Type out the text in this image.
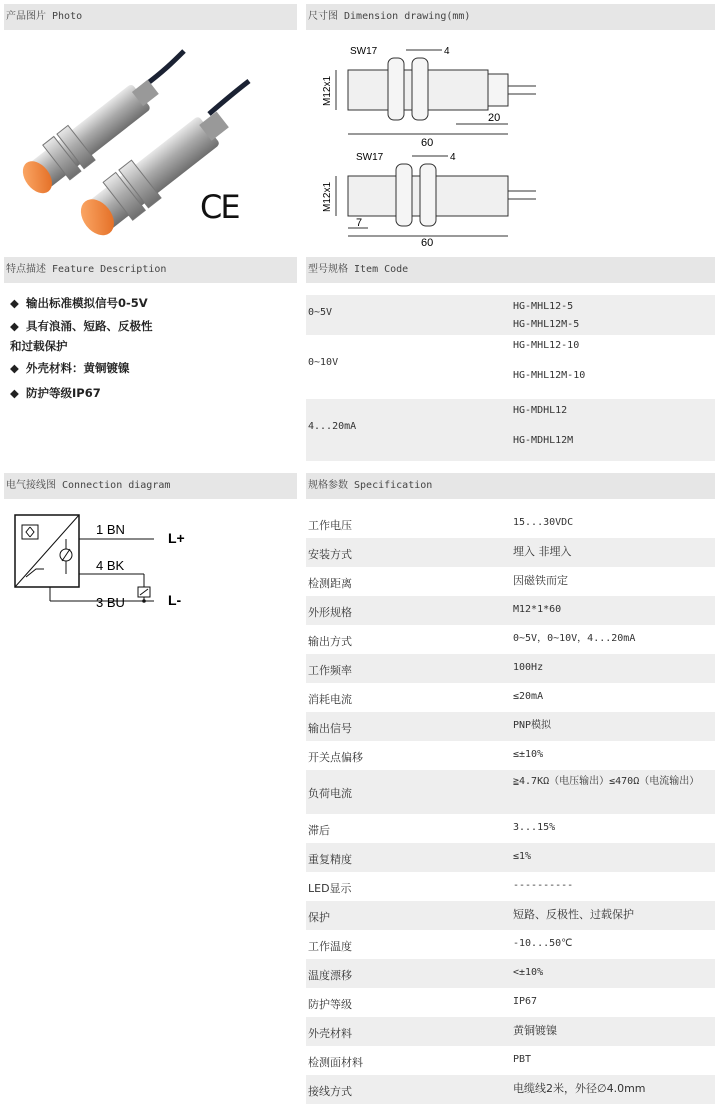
产品图片 Photo	尺寸图 Dimension drawing(mm)
CE
M12x1
60
20
SW17	4
M12x1
60
7
SW17	4
特点描述 Feature Description	型号规格 Item Code
◆ 输出标准模拟信号0-5V
◆ 具有浪涌、短路、反极性
和过载保护
◆ 外壳材料：黄铜镀镍
◆ 防护等级IP67
0~5V
HG-MHL12-5
HG-MHL12M-5
0~10V
HG-MHL12-10
HG-MHL12M-10
4...20mA
HG-MDHL12
HG-MDHL12M
电气接线图 Connection diagram	规格参数 Specification
1 BN
4 BK
3 BU
L+
L-
工作电压	15...30VDC
安装方式	埋入 非埋入
检测距离	因磁铁而定
外形规格	M12*1*60
输出方式	0~5V，0~10V，4...20mA
工作频率	100Hz
消耗电流	≤20mA
输出信号	PNP模拟
开关点偏移	≤±10%
负荷电流
≧4.7KΩ（电压输出）≤470Ω（电流输出）
滞后	3...15%
重复精度	≤1%
LED显示	----------
保护	短路、反极性、过载保护
工作温度	-10...50℃
温度漂移	<±10%
防护等级	IP67
外壳材料	黄铜镀镍
检测面材料	PBT
接线方式	电缆线2米，外径∅4.0mm
